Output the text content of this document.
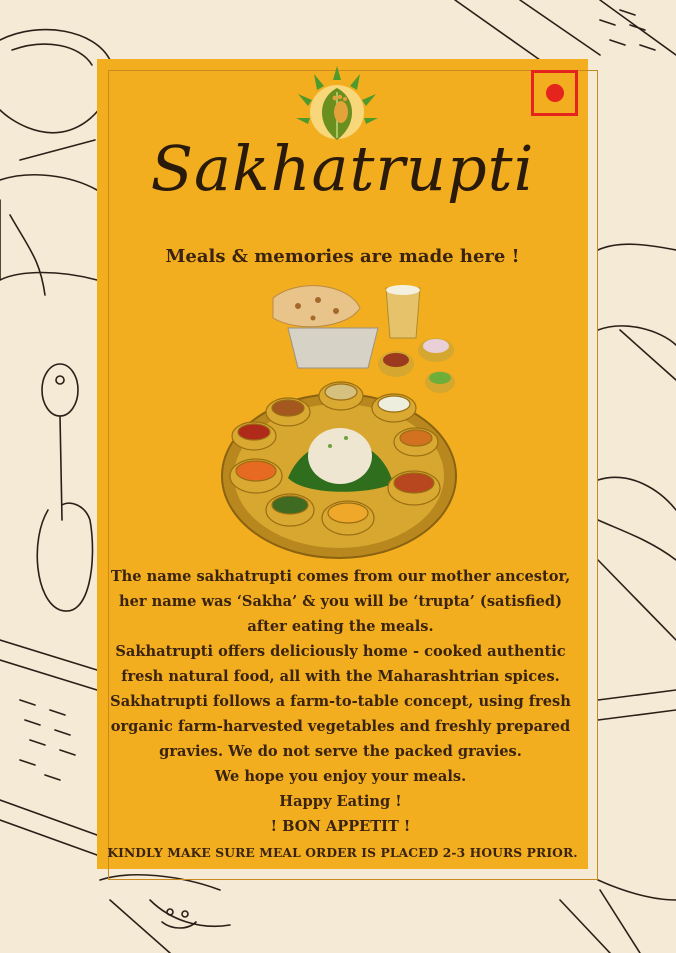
Sakhatrupti
Meals & memories are made here !

The name sakhatrupti comes from our mother ancestor,

her name was ‘Sakha’ & you will be ‘trupta’ (satisfied)

after eating the meals.

Sakhatrupti offers deliciously home - cooked authentic

fresh natural food, all with the Maharashtrian spices.

Sakhatrupti follows a farm-to-table concept, using fresh

organic farm-harvested vegetables and freshly prepared

gravies. We do not serve the packed gravies.

We hope you enjoy your meals.

Happy Eating !

! BON APPETIT !

KINDLY MAKE SURE MEAL ORDER IS PLACED 2-3 HOURS PRIOR.
